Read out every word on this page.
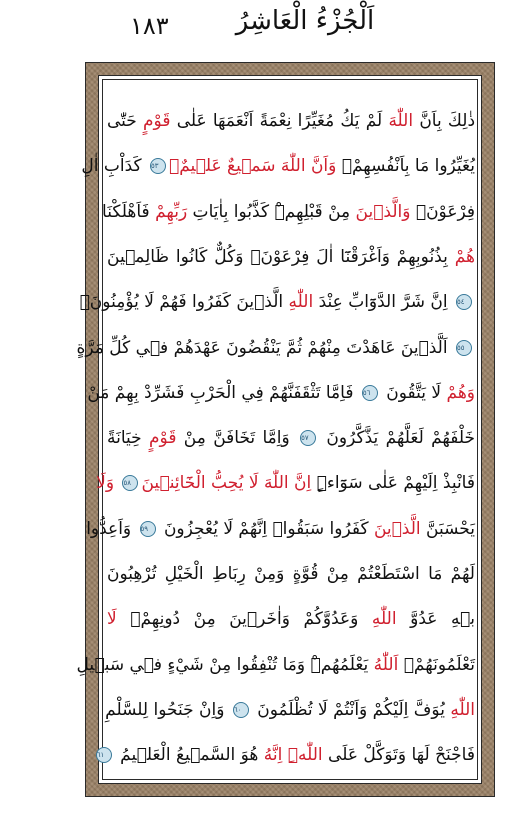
١٨٣	اَلْجُزْءُ الْعَاشِرُ
ذٰلِكَ بِاَنَّ اللّٰهَ لَمْ يَكُ مُغَيِّرًا نِعْمَةً اَنْعَمَهَا عَلٰى قَوْمٍ حَتّٰى
يُغَيِّرُوا مَا بِاَنْفُسِهِمْۙ وَاَنَّ اللّٰهَ سَم۪يعٌ عَل۪يمٌۙ٥٣ كَدَاْبِ اٰلِ
فِرْعَوْنَۙ وَالَّذ۪ينَ مِنْ قَبْلِهِمْۜ كَذَّبُوا بِاٰيَاتِ رَبِّهِمْ فَاَهْلَكْنَا
هُمْ بِذُنُوبِهِمْ وَاَغْرَقْنَٓا اٰلَ فِرْعَوْنَۚ وَكُلٌّ كَانُوا ظَالِم۪ينَ
٥٤ اِنَّ شَرَّ الدَّوَٓابِّ عِنْدَ اللّٰهِ الَّذ۪ينَ كَفَرُوا فَهُمْ لَا يُؤْمِنُونَۚ
٥٥ اَلَّذ۪ينَ عَاهَدْتَ مِنْهُمْ ثُمَّ يَنْقُضُونَ عَهْدَهُمْ ف۪ي كُلِّ مَرَّةٍ
وَهُمْ لَا يَتَّقُونَ ٥٦ فَاِمَّا تَثْقَفَنَّهُمْ فِي الْحَرْبِ فَشَرِّدْ بِهِمْ مَنْ
خَلْفَهُمْ لَعَلَّهُمْ يَذَّكَّرُونَ ٥٧ وَاِمَّا تَخَافَنَّ مِنْ قَوْمٍ خِيَانَةً
فَانْبِذْ اِلَيْهِمْ عَلٰى سَوَٓاءٍۜ اِنَّ اللّٰهَ لَا يُحِبُّ الْخَٓائِن۪ينَ٥٨ وَلَا
يَحْسَبَنَّ الَّذ۪ينَ كَفَرُوا سَبَقُواۜ اِنَّهُمْ لَا يُعْجِزُونَ ٥٩ وَاَعِدُّوا
لَهُمْ مَا اسْتَطَعْتُمْ مِنْ قُوَّةٍ وَمِنْ رِبَاطِ الْخَيْلِ تُرْهِبُونَ
ب۪هِ عَدُوَّ اللّٰهِ وَعَدُوَّكُمْ وَاٰخَر۪ينَ مِنْ دُونِهِمْۚ لَا
تَعْلَمُونَهُمْۚ اَللّٰهُ يَعْلَمُهُمْۜ وَمَا تُنْفِقُوا مِنْ شَيْءٍ ف۪ي سَب۪يلِ
اللّٰهِ يُوَفَّ اِلَيْكُمْ وَاَنْتُمْ لَا تُظْلَمُونَ ٦٠ وَاِنْ جَنَحُوا لِلسَّلْمِ
فَاجْنَحْ لَهَا وَتَوَكَّلْ عَلَى اللّٰهِۜ اِنَّهُ هُوَ السَّم۪يعُ الْعَل۪يمُ ٦١
